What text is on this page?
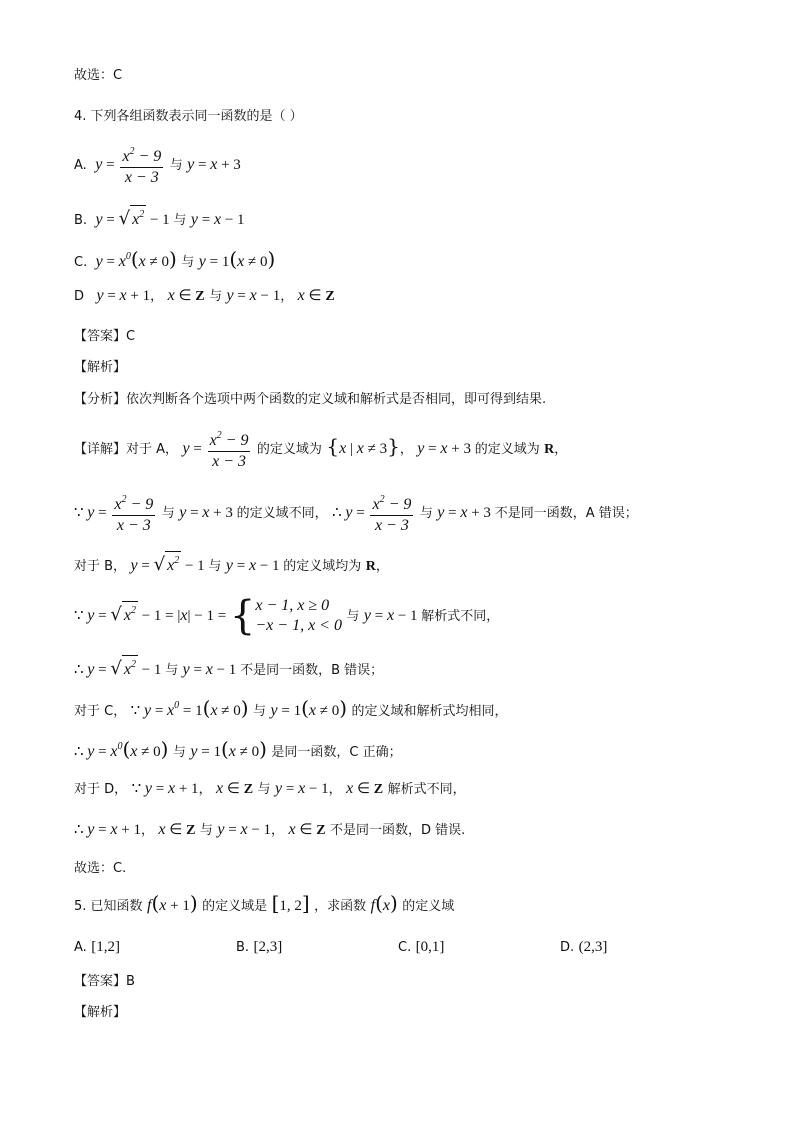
故选：C
4. 下列各组函数表示同一函数的是（ ）
A.  $y = \frac{x^2 - 9}{x - 3}$ 与 y = x + 3
B.  y = √ $x^2 - 1$ 与 y = x − 1
C.  $y = x^0(x \ne 0)$ 与 y = 1(x ≠ 0)
D   y = x + 1， x ∈ Z 与 y = x − 1， x ∈ Z
【答案】C
【解析】
【分析】依次判断各个选项中两个函数的定义域和解析式是否相同，即可得到结果.
【详解】对于 A， $y = \frac{x^2 - 9}{x - 3}$ 的定义域为 {x | x ≠ 3}， y = x + 3 的定义域为 R，
∵ $y = \frac{x^2 - 9}{x - 3}$ 与 y = x + 3 的定义域不同， ∴ $y = \frac{x^2 - 9}{x - 3}$ 与 y = x + 3 不是同一函数，A 错误；
对于 B， y = √ $x^2 - 1$ 与 y = x − 1 的定义域均为 R，
∵ y = √ $x^2 - 1 = |x| - 1$ = { x − 1, x ≥ 0
−x − 1, x < 0
与 y = x − 1 解析式不同，
∴ y = √ $x^2 - 1$ 与 y = x − 1 不是同一函数，B 错误；
对于 C， ∵ $y = x^0 = 1(x \ne 0)$ 与 y = 1(x ≠ 0) 的定义域和解析式均相同，
∴ $y = x^0(x \ne 0)$ 与 y = 1(x ≠ 0) 是同一函数，C 正确；
对于 D， ∵ y = x + 1， x ∈ Z 与 y = x − 1， x ∈ Z 解析式不同，
∴ y = x + 1， x ∈ Z 与 y = x − 1， x ∈ Z 不是同一函数，D 错误.
故选：C.
5. 已知函数 f(x + 1) 的定义域是 [1, 2] ，求函数 f(x) 的定义域
A. [1,2]	B. [2,3]	C. [0,1]	D. (2,3]
【答案】B
【解析】
